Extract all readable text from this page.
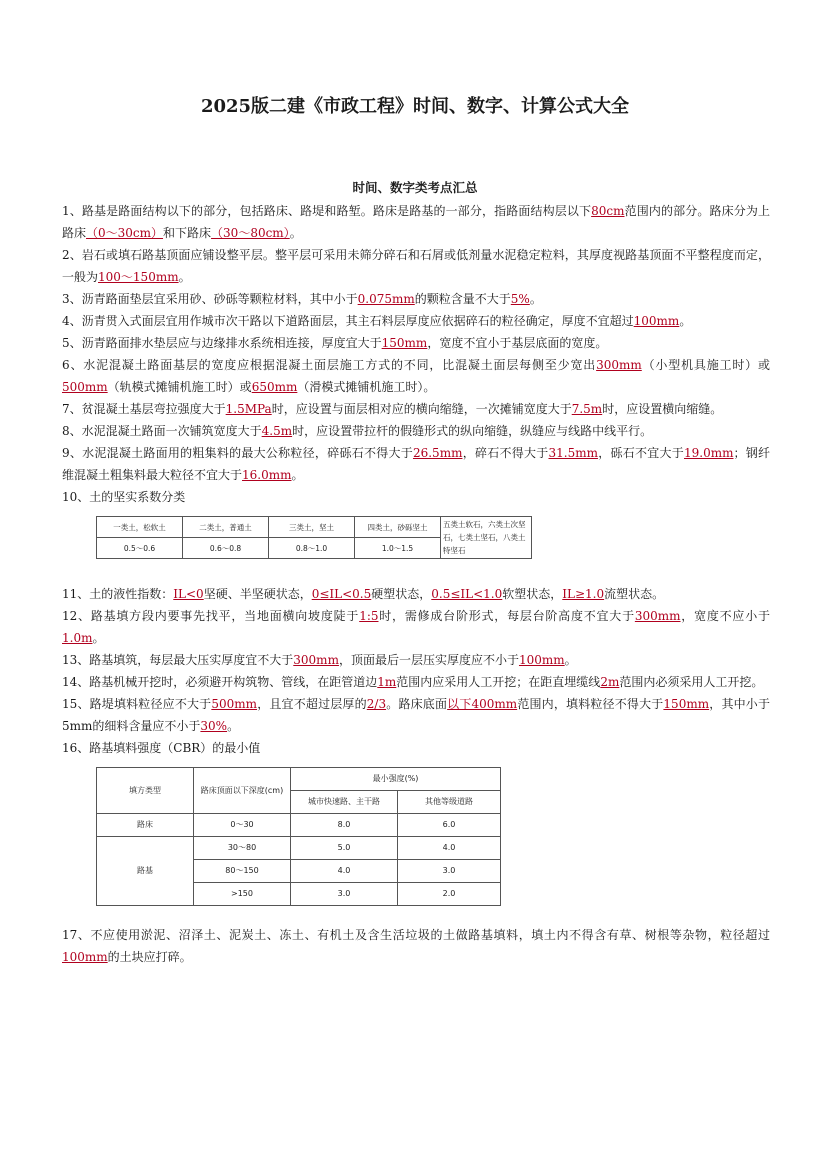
2025版二建《市政工程》时间、数字、计算公式大全
时间、数字类考点汇总

1、路基是路面结构以下的部分，包括路床、路堤和路堑。路床是路基的一部分，指路面结构层以下80cm范围内的部分。路床分为上路床（0～30cm）和下路床（30～80cm）。

2、岩石或填石路基顶面应铺设整平层。整平层可采用未筛分碎石和石屑或低剂量水泥稳定粒料，其厚度视路基顶面不平整程度而定，一般为100～150mm。

3、沥青路面垫层宜采用砂、砂砾等颗粒材料，其中小于0.075mm的颗粒含量不大于5%。

4、沥青贯入式面层宜用作城市次干路以下道路面层，其主石料层厚度应依据碎石的粒径确定，厚度不宜超过100mm。

5、沥青路面排水垫层应与边缘排水系统相连接，厚度宜大于150mm，宽度不宜小于基层底面的宽度。

6、水泥混凝土路面基层的宽度应根据混凝土面层施工方式的不同，比混凝土面层每侧至少宽出300mm（小型机具施工时）或500mm（轨模式摊铺机施工时）或650mm（滑模式摊铺机施工时）。

7、贫混凝土基层弯拉强度大于1.5MPa时，应设置与面层相对应的横向缩缝，一次摊铺宽度大于7.5m时，应设置横向缩缝。

8、水泥混凝土路面一次铺筑宽度大于4.5m时，应设置带拉杆的假缝形式的纵向缩缝，纵缝应与线路中线平行。

9、水泥混凝土路面用的粗集料的最大公称粒径，碎砾石不得大于26.5mm，碎石不得大于31.5mm，砾石不宜大于19.0mm；钢纤维混凝土粗集料最大粒径不宜大于16.0mm。

10、土的坚实系数分类

一类土，松软土	二类土，普通土	三类土，坚土	四类土，砂砾坚土	五类土软石，六类土次坚石，七类土坚石，八类土特坚石
0.5～0.6	0.6～0.8	0.8～1.0	1.0～1.5	

11、土的液性指数：IL<0坚硬、半坚硬状态，0≤IL<0.5硬塑状态，0.5≤IL<1.0软塑状态，IL≥1.0流塑状态。

12、路基填方段内要事先找平，当地面横向坡度陡于1:5时，需修成台阶形式，每层台阶高度不宜大于300mm，宽度不应小于1.0m。

13、路基填筑，每层最大压实厚度宜不大于300mm，顶面最后一层压实厚度应不小于100mm。

14、路基机械开挖时，必须避开构筑物、管线，在距管道边1m范围内应采用人工开挖；在距直埋缆线2m范围内必须采用人工开挖。

15、路堤填料粒径应不大于500mm，且宜不超过层厚的2/3。路床底面以下400mm范围内，填料粒径不得大于150mm，其中小于5mm的细料含量应不小于30%。

16、路基填料强度（CBR）的最小值

填方类型	路床顶面以下深度(cm)	最小强度(%)	
		城市快速路、主干路	其他等级道路
路床	0～30	8.0	6.0
路基	30～80	5.0	4.0
	80～150	4.0	3.0
	>150	3.0	2.0

17、不应使用淤泥、沼泽土、泥炭土、冻土、有机土及含生活垃圾的土做路基填料，填土内不得含有草、树根等杂物，粒径超过100mm的土块应打碎。
